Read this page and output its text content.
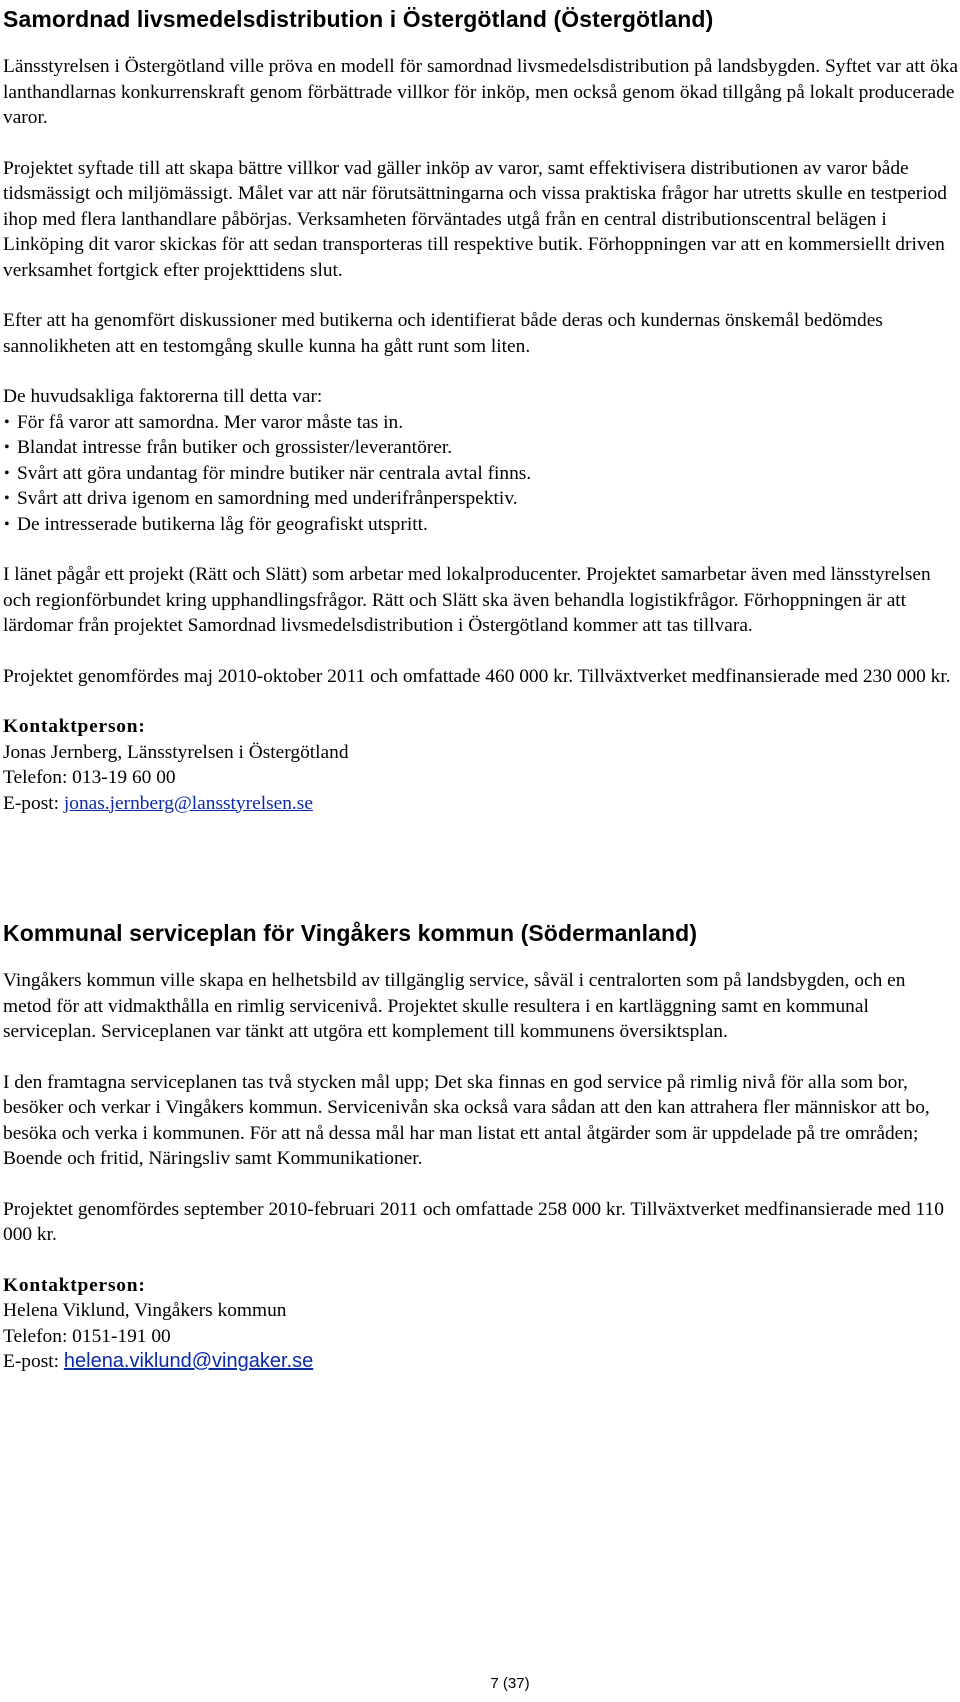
Samordnad livsmedelsdistribution i Östergötland (Östergötland)

Länsstyrelsen i Östergötland ville pröva en modell för samordnad livsmedelsdistribution på landsbygden. Syftet var att öka lanthandlarnas konkurrenskraft genom förbättrade villkor för inköp, men också genom ökad tillgång på lokalt producerade varor.

Projektet syftade till att skapa bättre villkor vad gäller inköp av varor, samt effektivisera distributionen av varor både tidsmässigt och miljömässigt. Målet var att när förutsättningarna och vissa praktiska frågor har utretts skulle en testperiod ihop med flera lanthandlare påbörjas. Verksamheten förväntades utgå från en central distributionscentral belägen i Linköping dit varor skickas för att sedan transporteras till respektive butik. Förhoppningen var att en kommersiellt driven verksamhet fortgick efter projekttidens slut.

Efter att ha genomfört diskussioner med butikerna och identifierat både deras och kundernas önskemål bedömdes sannolikheten att en testomgång skulle kunna ha gått runt som liten.

De huvudsakliga faktorerna till detta var:
• För få varor att samordna. Mer varor måste tas in.
• Blandat intresse från butiker och grossister/leverantörer.
• Svårt att göra undantag för mindre butiker när centrala avtal finns.
• Svårt att driva igenom en samordning med underifrånperspektiv.
• De intresserade butikerna låg för geografiskt utspritt.

I länet pågår ett projekt (Rätt och Slätt) som arbetar med lokalproducenter. Projektet samarbetar även med länsstyrelsen och regionförbundet kring upphandlingsfrågor. Rätt och Slätt ska även behandla logistikfrågor. Förhoppningen är att lärdomar från projektet Samordnad livsmedelsdistribution i Östergötland kommer att tas tillvara.

Projektet genomfördes maj 2010-oktober 2011 och omfattade 460 000 kr. Tillväxtverket medfinansierade med 230 000 kr.

Kontaktperson:
Jonas Jernberg, Länsstyrelsen i Östergötland
Telefon: 013-19 60 00
E-post: jonas.jernberg@lansstyrelsen.se
Kommunal serviceplan för Vingåkers kommun (Södermanland)

Vingåkers kommun ville skapa en helhetsbild av tillgänglig service, såväl i centralorten som på landsbygden, och en metod för att vidmakthålla en rimlig servicenivå. Projektet skulle resultera i en kartläggning samt en kommunal serviceplan. Serviceplanen var tänkt att utgöra ett komplement till kommunens översiktsplan.

I den framtagna serviceplanen tas två stycken mål upp; Det ska finnas en god service på rimlig nivå för alla som bor, besöker och verkar i Vingåkers kommun. Servicenivån ska också vara sådan att den kan attrahera fler människor att bo, besöka och verka i kommunen. För att nå dessa mål har man listat ett antal åtgärder som är uppdelade på tre områden; Boende och fritid, Näringsliv samt Kommunikationer.

Projektet genomfördes september 2010-februari 2011 och omfattade 258 000 kr. Tillväxtverket medfinansierade med 110 000 kr.

Kontaktperson:
Helena Viklund, Vingåkers kommun
Telefon: 0151-191 00
E-post: helena.viklund@vingaker.se
7 (37)
